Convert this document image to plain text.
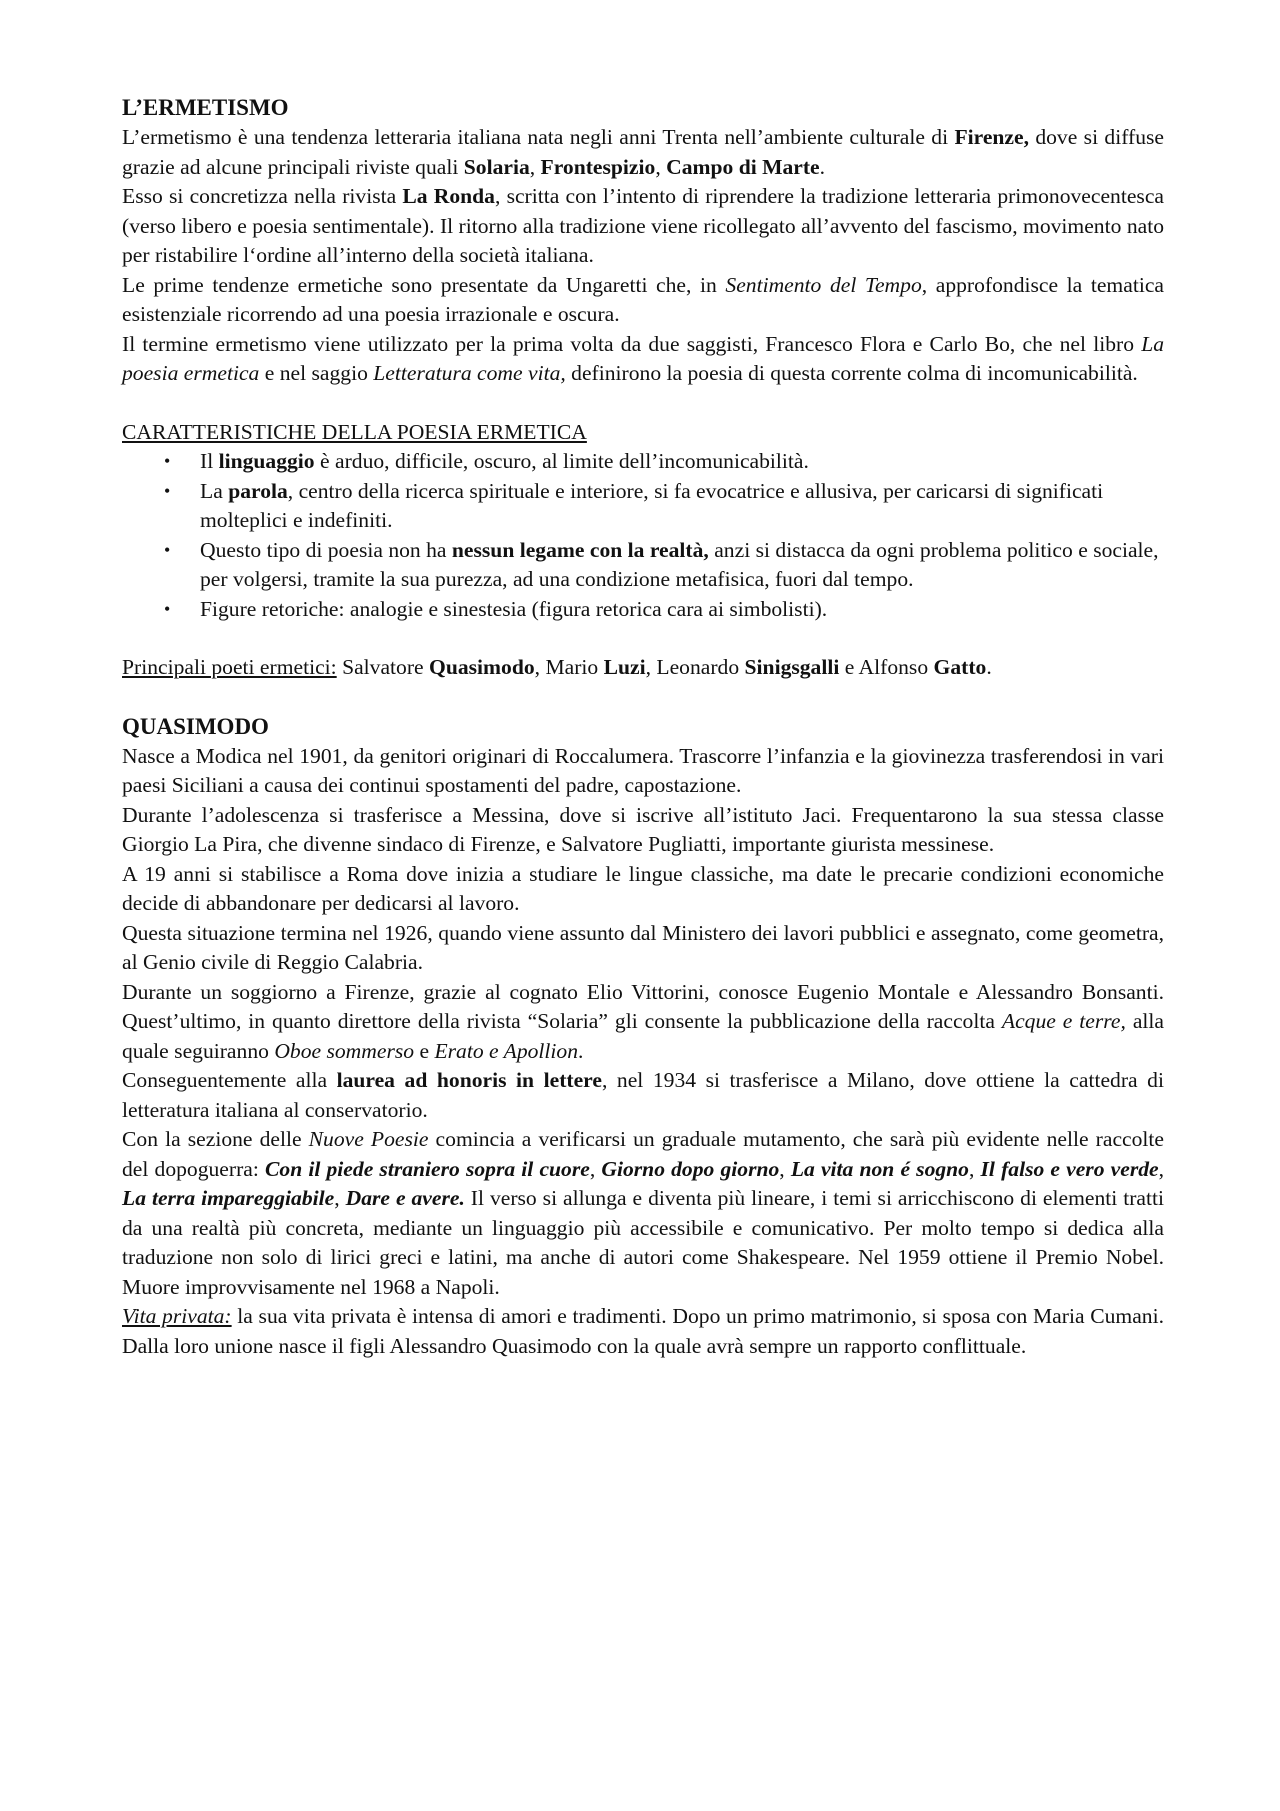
L’ERMETISMO

L’ermetismo è una tendenza letteraria italiana nata negli anni Trenta nell’ambiente culturale di Firenze, dove si diffuse grazie ad alcune principali riviste quali Solaria, Frontespizio, Campo di Marte.

Esso si concretizza nella rivista La Ronda, scritta con l’intento di riprendere la tradizione letteraria primonovecentesca (verso libero e poesia sentimentale). Il ritorno alla tradizione viene ricollegato all’avvento del fascismo, movimento nato per ristabilire l‘ordine all’interno della società italiana.

Le prime tendenze ermetiche sono presentate da Ungaretti che, in Sentimento del Tempo, approfondisce la tematica esistenziale ricorrendo ad una poesia irrazionale e oscura.

Il termine ermetismo viene utilizzato per la prima volta da due saggisti, Francesco Flora e Carlo Bo, che nel libro La poesia ermetica e nel saggio Letteratura come vita, definirono la poesia di questa corrente colma di incomunicabilità.

CARATTERISTICHE DELLA POESIA ERMETICA

• Il linguaggio è arduo, difficile, oscuro, al limite dell’incomunicabilità.
• La parola, centro della ricerca spirituale e interiore, si fa evocatrice e allusiva, per caricarsi di significati molteplici e indefiniti.
• Questo tipo di poesia non ha nessun legame con la realtà, anzi si distacca da ogni problema politico e sociale, per volgersi, tramite la sua purezza, ad una condizione metafisica, fuori dal tempo.
• Figure retoriche: analogie e sinestesia (figura retorica cara ai simbolisti).

Principali poeti ermetici: Salvatore Quasimodo, Mario Luzi, Leonardo Sinigsgalli e Alfonso Gatto.

QUASIMODO

Nasce a Modica nel 1901, da genitori originari di Roccalumera. Trascorre l’infanzia e la giovinezza trasferendosi in vari paesi Siciliani a causa dei continui spostamenti del padre, capostazione.

Durante l’adolescenza si trasferisce a Messina, dove si iscrive all’istituto Jaci. Frequentarono la sua stessa classe Giorgio La Pira, che divenne sindaco di Firenze, e Salvatore Pugliatti, importante giurista messinese.

A 19 anni si stabilisce a Roma dove inizia a studiare le lingue classiche, ma date le precarie condizioni economiche decide di abbandonare per dedicarsi al lavoro.

Questa situazione termina nel 1926, quando viene assunto dal Ministero dei lavori pubblici e assegnato, come geometra, al Genio civile di Reggio Calabria.

Durante un soggiorno a Firenze, grazie al cognato Elio Vittorini, conosce Eugenio Montale e Alessandro Bonsanti. Quest’ultimo, in quanto direttore della rivista “Solaria” gli consente la pubblicazione della raccolta Acque e terre, alla quale seguiranno Oboe sommerso e Erato e Apollion.

Conseguentemente alla laurea ad honoris in lettere, nel 1934 si trasferisce a Milano, dove ottiene la cattedra di letteratura italiana al conservatorio.

Con la sezione delle Nuove Poesie comincia a verificarsi un graduale mutamento, che sarà più evidente nelle raccolte del dopoguerra: Con il piede straniero sopra il cuore, Giorno dopo giorno, La vita non é sogno, Il falso e vero verde, La terra impareggiabile, Dare e avere. Il verso si allunga e diventa più lineare, i temi si arricchiscono di elementi tratti da una realtà più concreta, mediante un linguaggio più accessibile e comunicativo. Per molto tempo si dedica alla traduzione non solo di lirici greci e latini, ma anche di autori come Shakespeare. Nel 1959 ottiene il Premio Nobel. Muore improvvisamente nel 1968 a Napoli.

Vita privata: la sua vita privata è intensa di amori e tradimenti. Dopo un primo matrimonio, si sposa con Maria Cumani. Dalla loro unione nasce il figli Alessandro Quasimodo con la quale avrà sempre un rapporto conflittuale.
